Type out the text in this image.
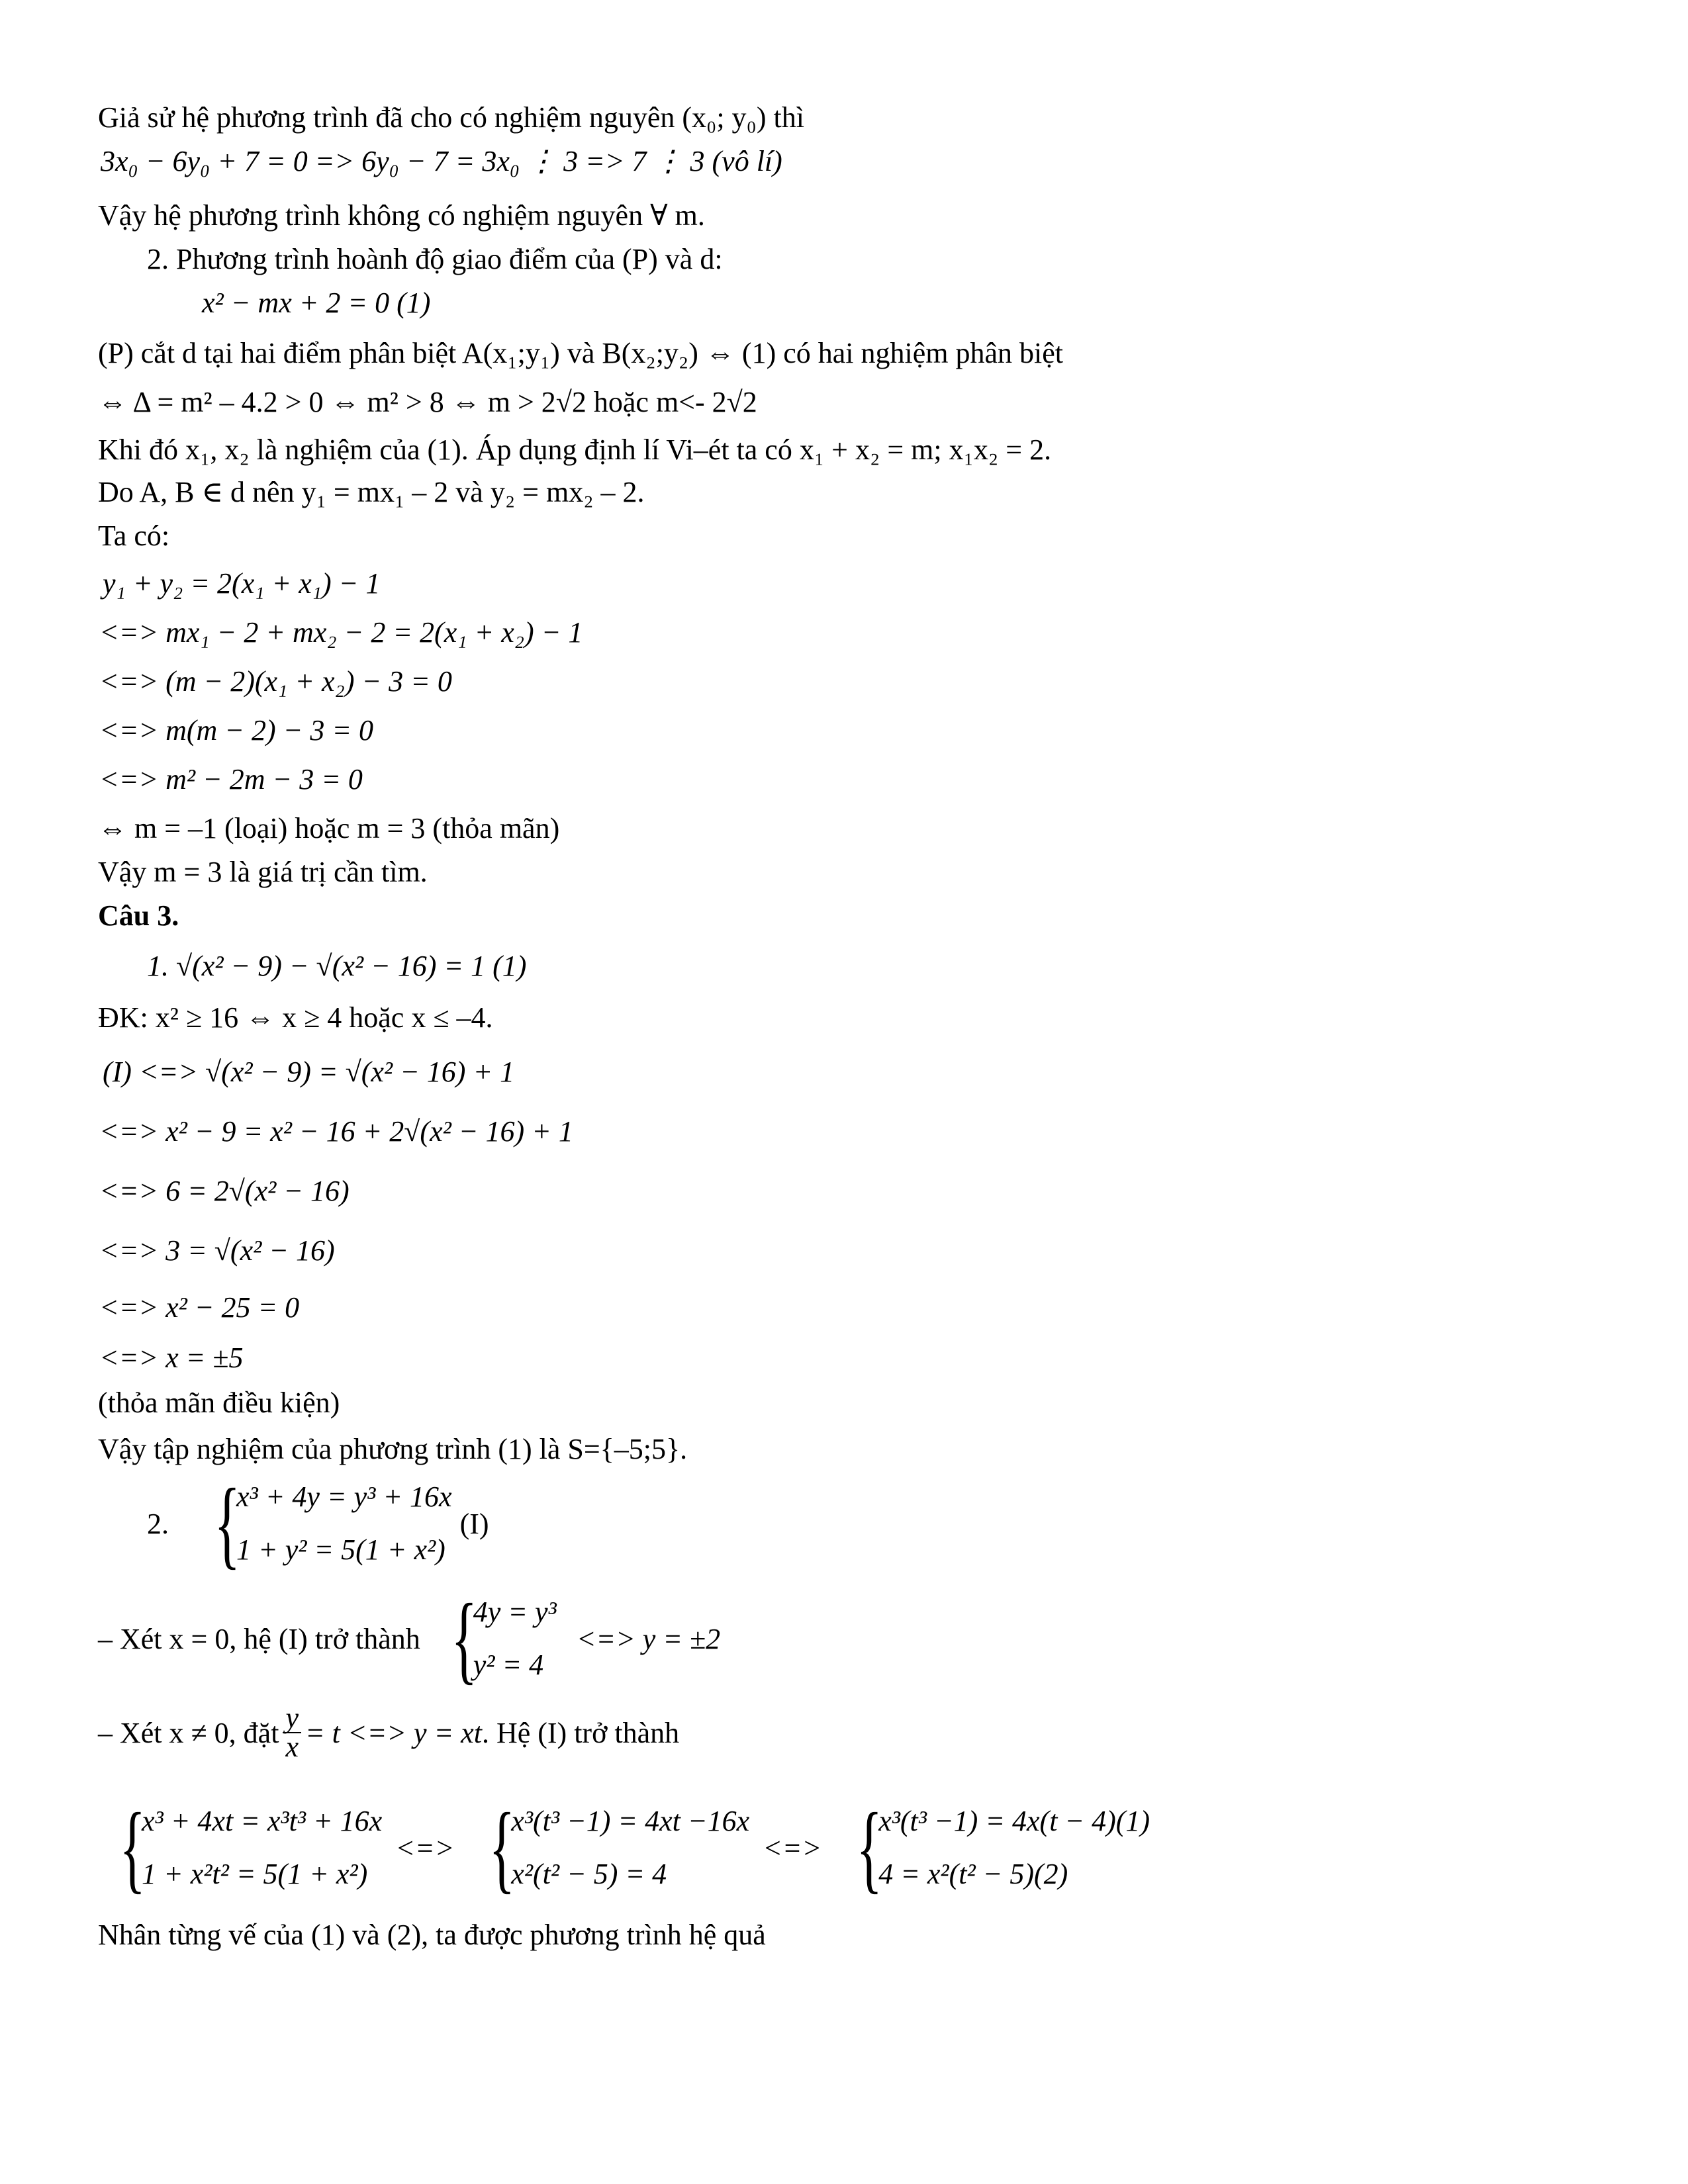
Giả sử hệ phương trình đã cho có nghiệm nguyên (x₀; y₀) thì
3x₀ − 6y₀ + 7 = 0 => 6y₀ − 7 = 3x₀ ⋮ 3 => 7 ⋮ 3 (vô lí)
Vậy hệ phương trình không có nghiệm nguyên ∀ m.
2. Phương trình hoành độ giao điểm của (P) và d:
x² − mx + 2 = 0 (1)
(P) cắt d tại hai điểm phân biệt A(x₁;y₁) và B(x₂;y₂) ⇔ (1) có hai nghiệm phân biệt
⇔ Δ = m² – 4.2 > 0 ⇔ m² > 8 ⇔ m > 2√2 hoặc m<- 2√2
Khi đó x₁, x₂ là nghiệm của (1). Áp dụng định lí Vi–ét ta có x₁ + x₂ = m; x₁x₂ = 2.
Do A, B ∈ d nên y₁ = mx₁ – 2 và y₂ = mx₂ – 2.
Ta có:
y₁ + y₂ = 2(x₁ + x₁) − 1
<=> mx₁ − 2 + mx₂ − 2 = 2(x₁ + x₂) − 1
<=> (m − 2)(x₁ + x₂) − 3 = 0
<=> m(m − 2) − 3 = 0
<=> m² − 2m − 3 = 0
⇔ m = –1 (loại) hoặc m = 3 (thỏa mãn)
Vậy m = 3 là giá trị cần tìm.
Câu 3.
1. √(x² − 9) − √(x² − 16) = 1 (1)
ĐK: x² ≥ 16 ⇔ x ≥ 4 hoặc x ≤ –4.
(I) <=> √(x² − 9) = √(x² − 16) + 1
<=> x² − 9 = x² − 16 + 2√(x² − 16) + 1
<=> 6 = 2√(x² − 16)
<=> 3 = √(x² − 16)
<=> x² − 25 = 0
<=> x = ±5
(thỏa mãn điều kiện)
Vậy tập nghiệm của phương trình (1) là S={–5;5}.
2. {
x³ + 4y = y³ + 16x
1 + y² = 5(1 + x²)
(I)
– Xét x = 0, hệ (I) trở thành {
4y = y³
y² = 4
<=> y = ±2
– Xét x ≠ 0, đặt $\frac{y}{x} = t$ <=> y = xt . Hệ (I) trở thành
{
x³ + 4xt = x³t³ + 16x
1 + x²t² = 5(1 + x²)
<=> {
x³(t³ −1) = 4xt −16x
x²(t² − 5) = 4
<=> {
x³(t³ −1) = 4x(t − 4)(1)
4 = x²(t² − 5)(2)
Nhân từng vế của (1) và (2), ta được phương trình hệ quả
